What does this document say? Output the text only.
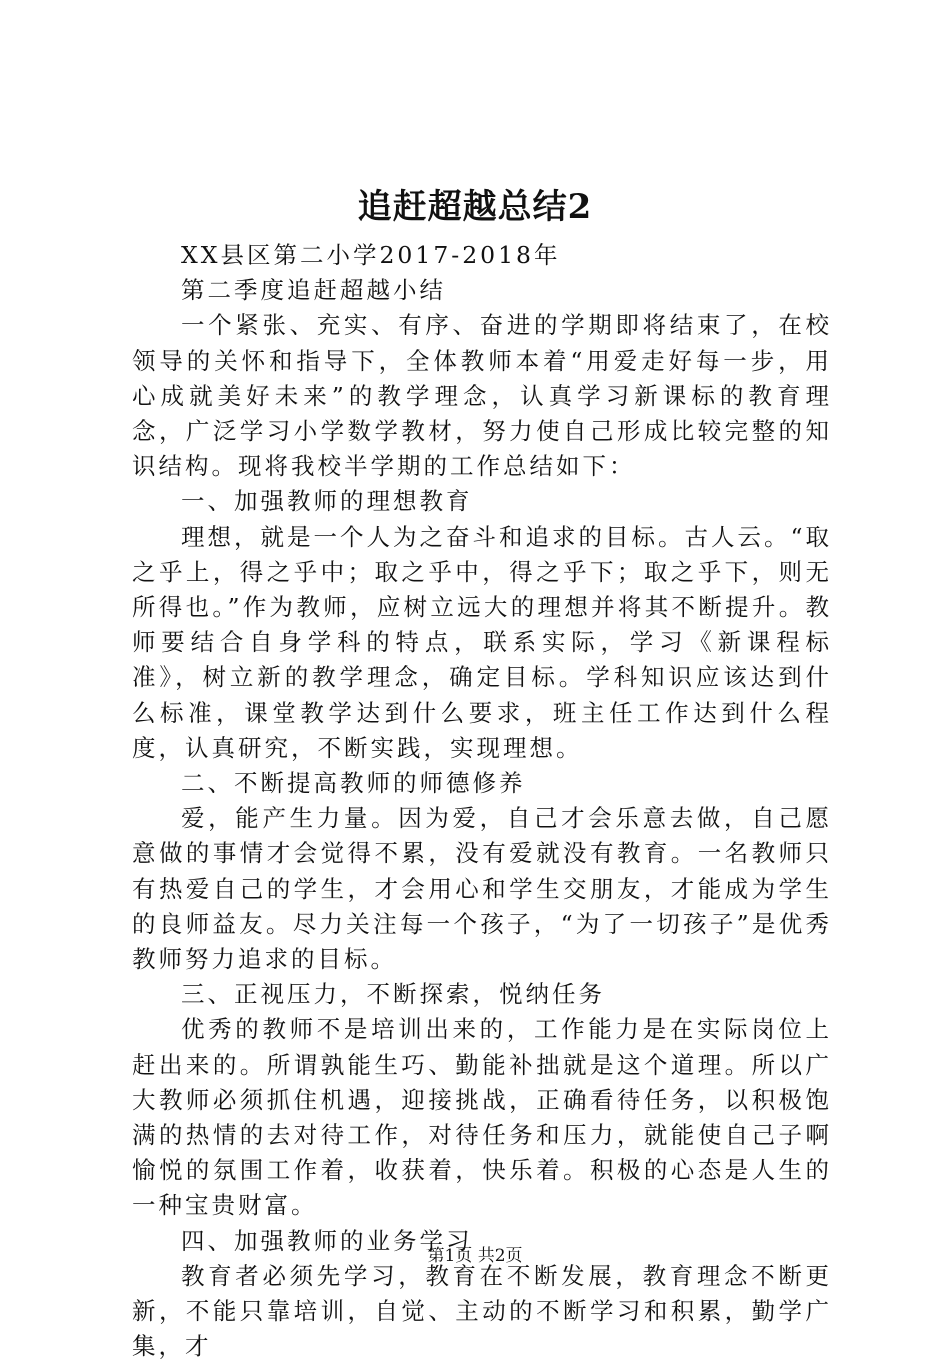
追赶超越总结2

XX县区第二小学2017-2018年

第二季度追赶超越小结

一个紧张、充实、有序、奋进的学期即将结束了，在校领导的关怀和指导下，全体教师本着“用爱走好每一步，用心成就美好未来”的教学理念，认真学习新课标的教育理念，广泛学习小学数学教材，努力使自己形成比较完整的知识结构。现将我校半学期的工作总结如下：

一、加强教师的理想教育

理想，就是一个人为之奋斗和追求的目标。古人云。“取之乎上，得之乎中；取之乎中，得之乎下；取之乎下，则无所得也。”作为教师，应树立远大的理想并将其不断提升。教师要结合自身学科的特点，联系实际，学习《新课程标准》，树立新的教学理念，确定目标。学科知识应该达到什么标准，课堂教学达到什么要求，班主任工作达到什么程度，认真研究，不断实践，实现理想。

二、不断提高教师的师德修养

爱，能产生力量。因为爱，自己才会乐意去做，自己愿意做的事情才会觉得不累，没有爱就没有教育。一名教师只有热爱自己的学生，才会用心和学生交朋友，才能成为学生的良师益友。尽力关注每一个孩子，“为了一切孩子”是优秀教师努力追求的目标。

三、正视压力，不断探索，悦纳任务

优秀的教师不是培训出来的，工作能力是在实际岗位上赶出来的。所谓孰能生巧、勤能补拙就是这个道理。所以广大教师必须抓住机遇，迎接挑战，正确看待任务，以积极饱满的热情的去对待工作，对待任务和压力，就能使自己子啊愉悦的氛围工作着，收获着，快乐着。积极的心态是人生的一种宝贵财富。

四、加强教师的业务学习

教育者必须先学习，教育在不断发展，教育理念不断更新，不能只靠培训，自觉、主动的不断学习和积累，勤学广集，才

第1页 共2页
